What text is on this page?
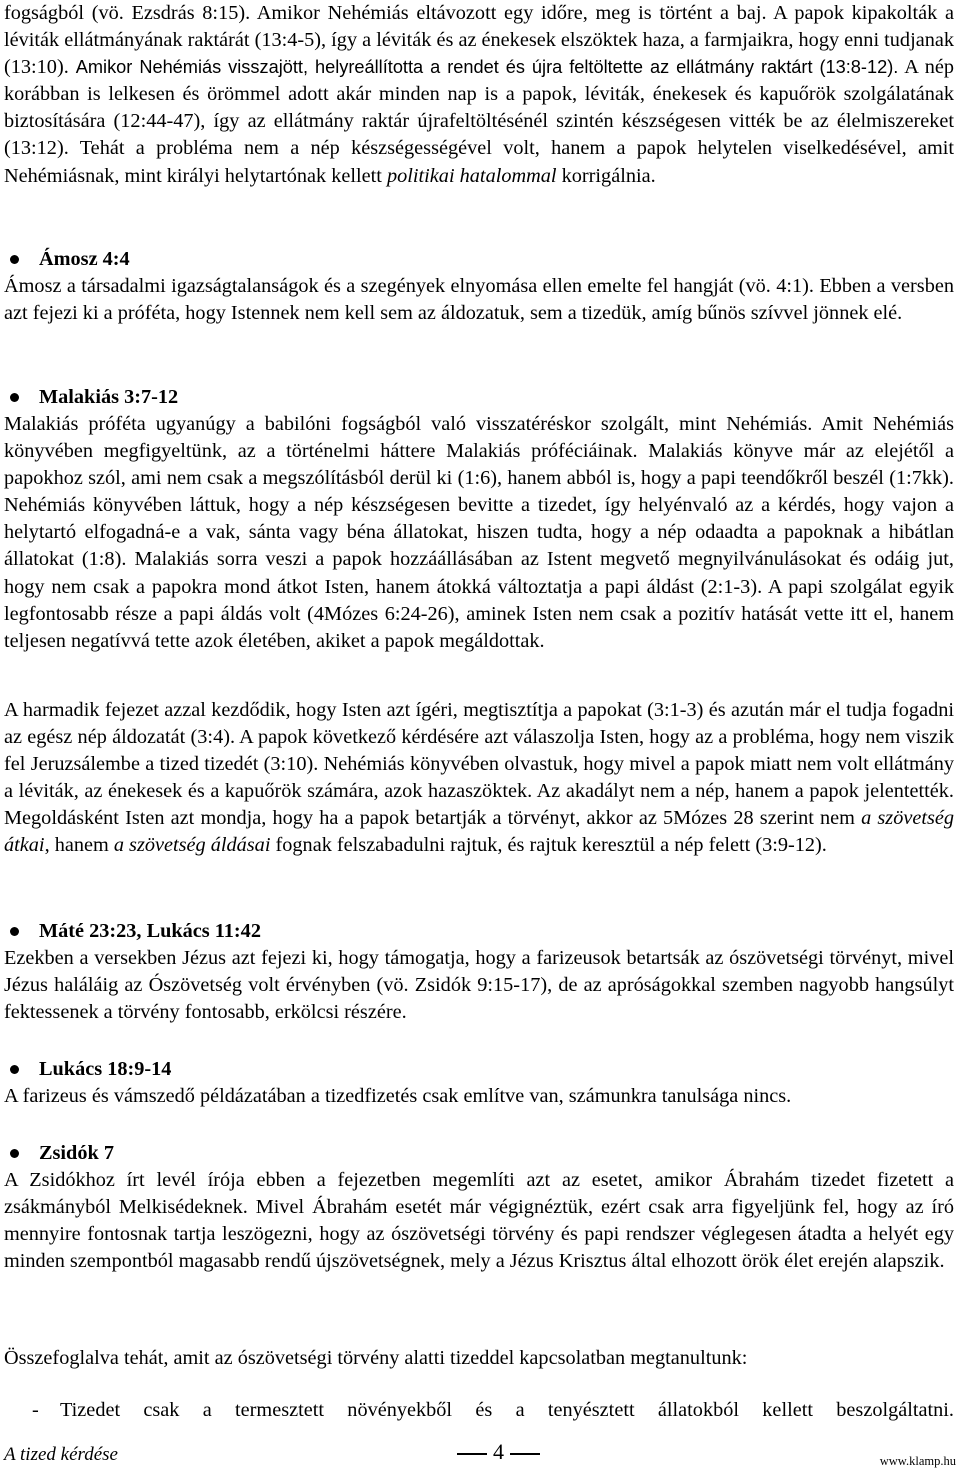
fogságból (vö. Ezsdrás 8:15). Amikor Nehémiás eltávozott egy időre, meg is történt a baj. A papok kipakolták a léviták ellátmányának raktárát (13:4-5), így a léviták és az énekesek elszöktek haza, a farmjaikra, hogy enni tudjanak (13:10). Amikor Nehémiás visszajött, helyreállította a rendet és újra feltöltette az ellátmány raktárt (13:8-12). A nép korábban is lelkesen és örömmel adott akár minden nap is a papok, léviták, énekesek és kapuőrök szolgálatának biztosítására (12:44-47), így az ellátmány raktár újrafeltöltésénél szintén készségesen vitték be az élelmiszereket (13:12). Tehát a probléma nem a nép készségességével volt, hanem a papok helytelen viselkedésével, amit Nehémiásnak, mint királyi helytartónak kellett politikai hatalommal korrigálnia.

Ámosz 4:4

Ámosz a társadalmi igazságtalanságok és a szegények elnyomása ellen emelte fel hangját (vö. 4:1). Ebben a versben azt fejezi ki a próféta, hogy Istennek nem kell sem az áldozatuk, sem a tizedük, amíg bűnös szívvel jönnek elé.

Malakiás 3:7-12

Malakiás próféta ugyanúgy a babilóni fogságból való visszatéréskor szolgált, mint Nehémiás. Amit Nehémiás könyvében megfigyeltünk, az a történelmi háttere Malakiás próféciáinak. Malakiás könyve már az elejétől a papokhoz szól, ami nem csak a megszólításból derül ki (1:6), hanem abból is, hogy a papi teendőkről beszél (1:7kk). Nehémiás könyvében láttuk, hogy a nép készségesen bevitte a tizedet, így helyénvaló az a kérdés, hogy vajon a helytartó elfogadná-e a vak, sánta vagy béna állatokat, hiszen tudta, hogy a nép odaadta a papoknak a hibátlan állatokat (1:8). Malakiás sorra veszi a papok hozzáállásában az Istent megvető megnyilvánulásokat és odáig jut, hogy nem csak a papokra mond átkot Isten, hanem átokká változtatja a papi áldást (2:1-3). A papi szolgálat egyik legfontosabb része a papi áldás volt (4Mózes 6:24-26), aminek Isten nem csak a pozitív hatását vette itt el, hanem teljesen negatívvá tette azok életében, akiket a papok megáldottak.

A harmadik fejezet azzal kezdődik, hogy Isten azt ígéri, megtisztítja a papokat (3:1-3) és azután már el tudja fogadni az egész nép áldozatát (3:4). A papok következő kérdésére azt válaszolja Isten, hogy az a probléma, hogy nem viszik fel Jeruzsálembe a tized tizedét (3:10). Nehémiás könyvében olvastuk, hogy mivel a papok miatt nem volt ellátmány a léviták, az énekesek és a kapuőrök számára, azok hazaszöktek. Az akadályt nem a nép, hanem a papok jelentették. Megoldásként Isten azt mondja, hogy ha a papok betartják a törvényt, akkor az 5Mózes 28 szerint nem a szövetség átkai, hanem a szövetség áldásai fognak felszabadulni rajtuk, és rajtuk keresztül a nép felett (3:9-12).

Máté 23:23, Lukács 11:42

Ezekben a versekben Jézus azt fejezi ki, hogy támogatja, hogy a farizeusok betartsák az ószövetségi törvényt, mivel Jézus haláláig az Ószövetség volt érvényben (vö. Zsidók 9:15-17), de az apróságokkal szemben nagyobb hangsúlyt fektessenek a törvény fontosabb, erkölcsi részére.

Lukács 18:9-14

A farizeus és vámszedő példázatában a tizedfizetés csak említve van, számunkra tanulsága nincs.

Zsidók 7

A Zsidókhoz írt levél írója ebben a fejezetben megemlíti azt az esetet, amikor Ábrahám tizedet fizetett a zsákmányból Melkisédeknek. Mivel Ábrahám esetét már végignéztük, ezért csak arra figyeljünk fel, hogy az író mennyire fontosnak tartja leszögezni, hogy az ószövetségi törvény és papi rendszer véglegesen átadta a helyét egy minden szempontból magasabb rendű újszövetségnek, mely a Jézus Krisztus által elhozott örök élet erején alapszik.

Összefoglalva tehát, amit az ószövetségi törvény alatti tizeddel kapcsolatban megtanultunk:

- Tizedet csak a termesztett növényekből és a tenyésztett állatokból kellett beszolgáltatni.

A tized kérdése	4	www.klamp.hu
